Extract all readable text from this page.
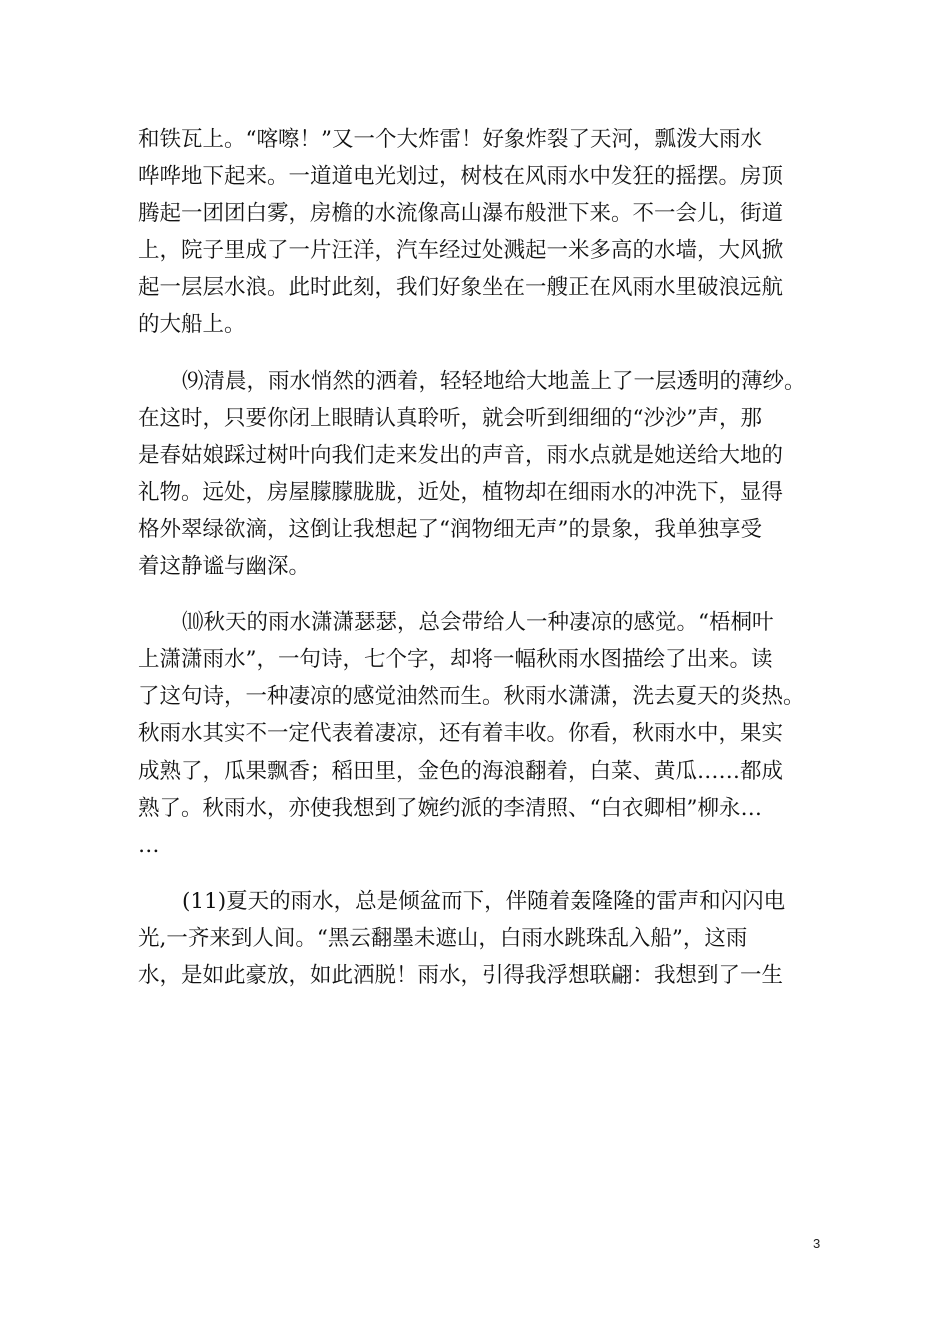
和铁瓦上。“喀嚓！”又一个大炸雷！好象炸裂了天河，瓢泼大雨水
哗哗地下起来。一道道电光划过，树枝在风雨水中发狂的摇摆。房顶
腾起一团团白雾，房檐的水流像高山瀑布般泄下来。不一会儿，街道
上，院子里成了一片汪洋，汽车经过处溅起一米多高的水墙，大风掀
起一层层水浪。此时此刻，我们好象坐在一艘正在风雨水里破浪远航
的大船上。
⑼清晨，雨水悄然的洒着，轻轻地给大地盖上了一层透明的薄纱。
在这时，只要你闭上眼睛认真聆听，就会听到细细的“沙沙”声，那
是春姑娘踩过树叶向我们走来发出的声音，雨水点就是她送给大地的
礼物。远处，房屋朦朦胧胧，近处，植物却在细雨水的冲洗下，显得
格外翠绿欲滴，这倒让我想起了“润物细无声”的景象，我单独享受
着这静谧与幽深。
⑽秋天的雨水潇潇瑟瑟，总会带给人一种凄凉的感觉。“梧桐叶
上潇潇雨水”，一句诗，七个字，却将一幅秋雨水图描绘了出来。读
了这句诗，一种凄凉的感觉油然而生。秋雨水潇潇，洗去夏天的炎热。
秋雨水其实不一定代表着凄凉，还有着丰收。你看，秋雨水中，果实
成熟了，瓜果飘香；稻田里，金色的海浪翻着，白菜、黄瓜……都成
熟了。秋雨水，亦使我想到了婉约派的李清照、“白衣卿相”柳永…
…
(11)夏天的雨水，总是倾盆而下，伴随着轰隆隆的雷声和闪闪电
光,一齐来到人间。“黑云翻墨未遮山，白雨水跳珠乱入船”，这雨
水，是如此豪放，如此洒脱！雨水，引得我浮想联翩：我想到了一生
3
